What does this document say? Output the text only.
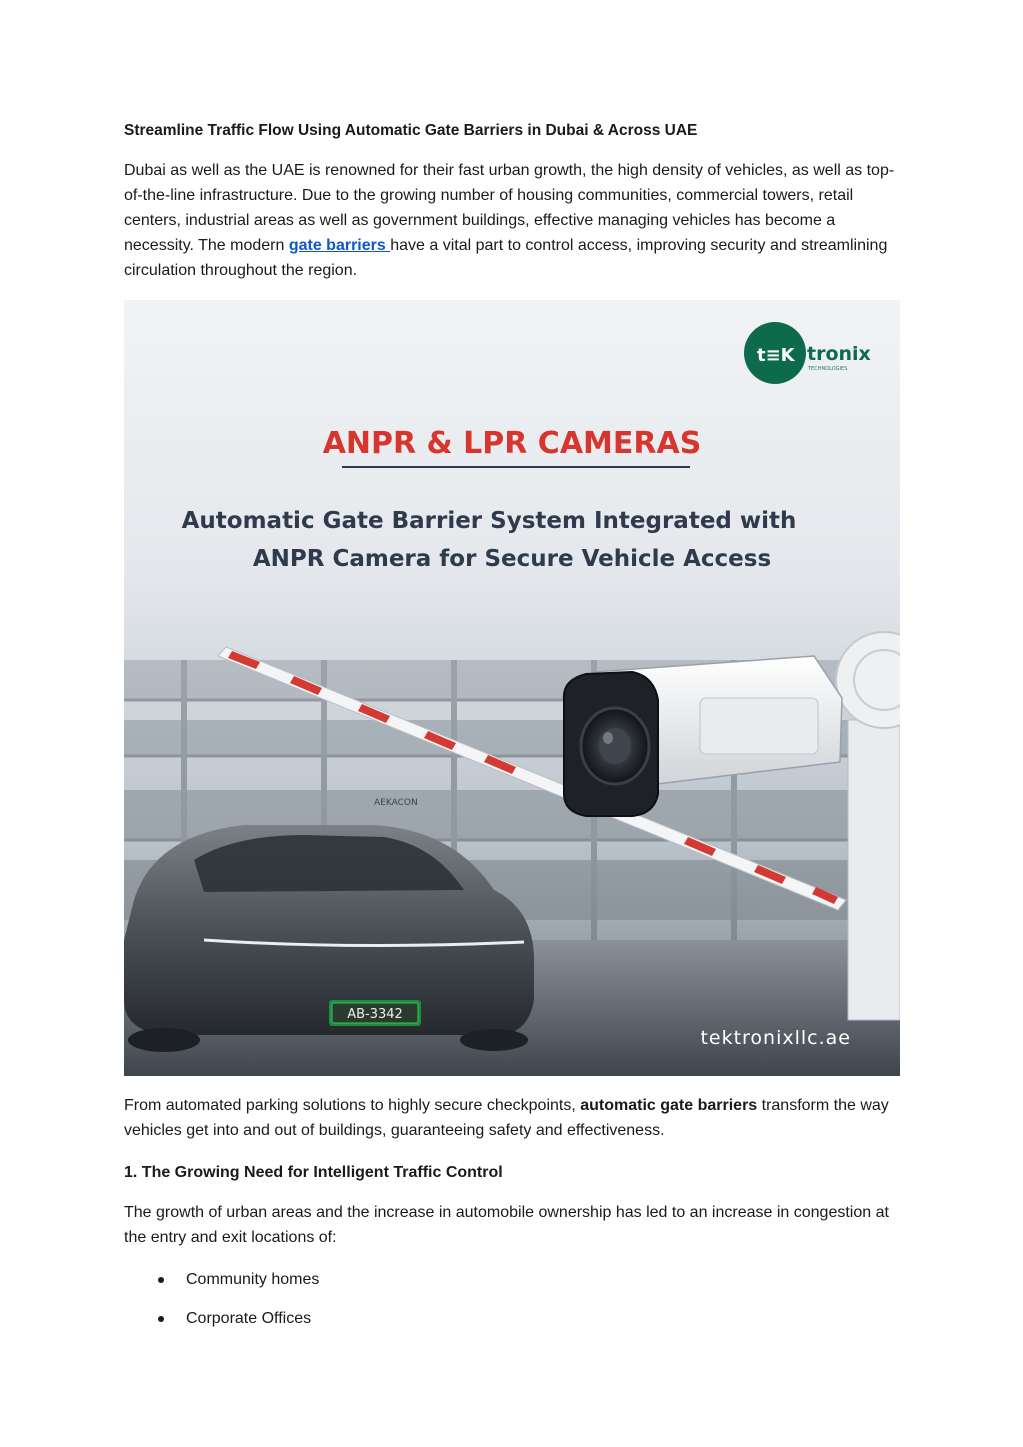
Streamline Traffic Flow Using Automatic Gate Barriers in Dubai & Across UAE

Dubai as well as the UAE is renowned for their fast urban growth, the high density of vehicles, as well as top-of-the-line infrastructure. Due to the growing number of housing communities, commercial towers, retail centers, industrial areas as well as government buildings, effective managing vehicles has become a necessity. The modern gate barriers have a vital part to control access, improving security and streamlining circulation throughout the region.

AEKACON
t≡K tronix
TECHNOLOGIES
ANPR & LPR CAMERAS
Automatic Gate Barrier System Integrated with
ANPR Camera for Secure Vehicle Access
AB-3342
tektronixllc.ae

From automated parking solutions to highly secure checkpoints, automatic gate barriers transform the way vehicles get into and out of buildings, guaranteeing safety and effectiveness.

1. The Growing Need for Intelligent Traffic Control

The growth of urban areas and the increase in automobile ownership has led to an increase in congestion at the entry and exit locations of:

Community homes
Corporate Offices
